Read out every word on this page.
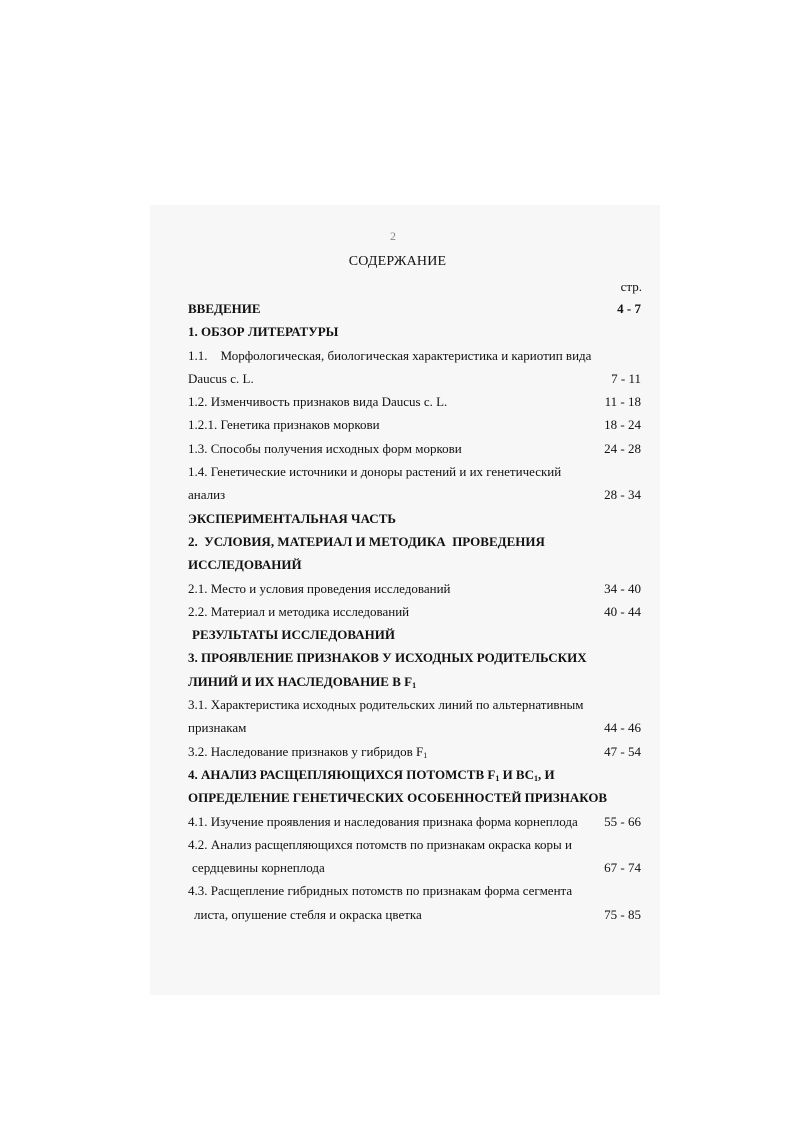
2
СОДЕРЖАНИЕ
стр.
ВВЕДЕНИЕ	4 - 7
1. ОБЗОР ЛИТЕРАТУРЫ
1.1.    Морфологическая, биологическая характеристика и кариотип вида
Daucus c. L.	7 - 11
1.2. Изменчивость признаков вида Daucus c. L.	11 - 18
1.2.1. Генетика признаков моркови	18 - 24
1.3. Способы получения исходных форм моркови	24 - 28
1.4. Генетические источники и доноры растений и их генетический
анализ	28 - 34
ЭКСПЕРИМЕНТАЛЬНАЯ ЧАСТЬ
2.  УСЛОВИЯ, МАТЕРИАЛ И МЕТОДИКА  ПРОВЕДЕНИЯ
ИССЛЕДОВАНИЙ
2.1. Место и условия проведения исследований	34 - 40
2.2. Материал и методика исследований	40 - 44
РЕЗУЛЬТАТЫ ИССЛЕДОВАНИЙ
3. ПРОЯВЛЕНИЕ ПРИЗНАКОВ У ИСХОДНЫХ РОДИТЕЛЬСКИХ
ЛИНИЙ И ИХ НАСЛЕДОВАНИЕ В $F_1$
3.1. Характеристика исходных родительских линий по альтернативным
признакам	44 - 46
3.2. Наследование признаков у гибридов $F_1$	47 - 54
4. АНАЛИЗ РАСЩЕПЛЯЮЩИХСЯ ПОТОМСТВ $F_1$ И $ВС_1$, И
ОПРЕДЕЛЕНИЕ ГЕНЕТИЧЕСКИХ ОСОБЕННОСТЕЙ ПРИЗНАКОВ
4.1. Изучение проявления и наследования признака форма корнеплода 55 - 66
4.2. Анализ расщепляющихся потомств по признакам окраска коры и
сердцевины корнеплода	67 - 74
4.3. Расщепление гибридных потомств по признакам форма сегмента
листа, опушение стебля и окраска цветка	75 - 85
